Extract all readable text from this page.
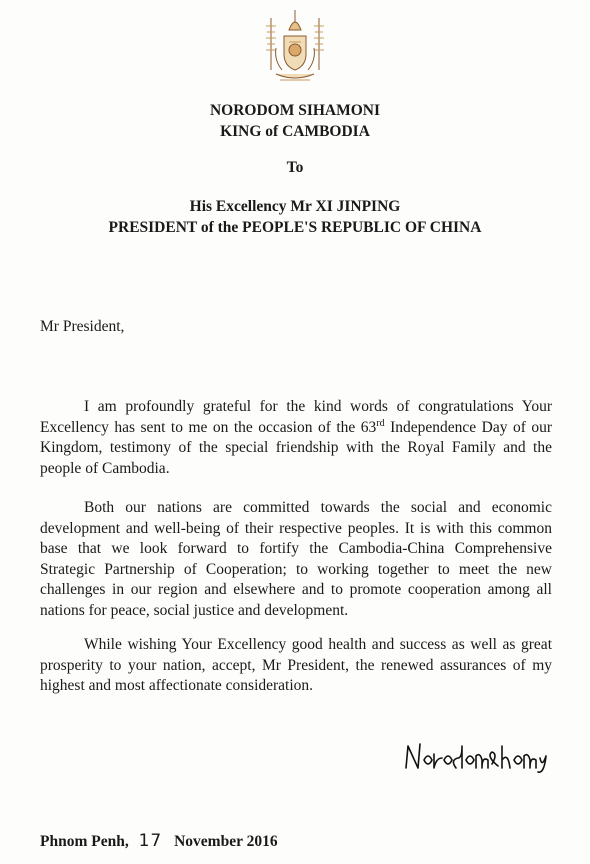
NORODOM SIHAMONI
KING of CAMBODIA
To
His Excellency Mr XI JINPING
PRESIDENT of the PEOPLE'S REPUBLIC OF CHINA
Mr President,

I am profoundly grateful for the kind words of congratulations Your Excellency has sent to me on the occasion of the 63rd Independence Day of our Kingdom, testimony of the special friendship with the Royal Family and the people of Cambodia.

Both our nations are committed towards the social and economic development and well-being of their respective peoples. It is with this common base that we look forward to fortify the Cambodia-China Comprehensive Strategic Partnership of Cooperation; to working together to meet the new challenges in our region and elsewhere and to promote cooperation among all nations for peace, social justice and development.

While wishing Your Excellency good health and success as well as great prosperity to your nation, accept, Mr President, the renewed assurances of my highest and most affectionate consideration.

Phnom Penh, 17 November 2016
